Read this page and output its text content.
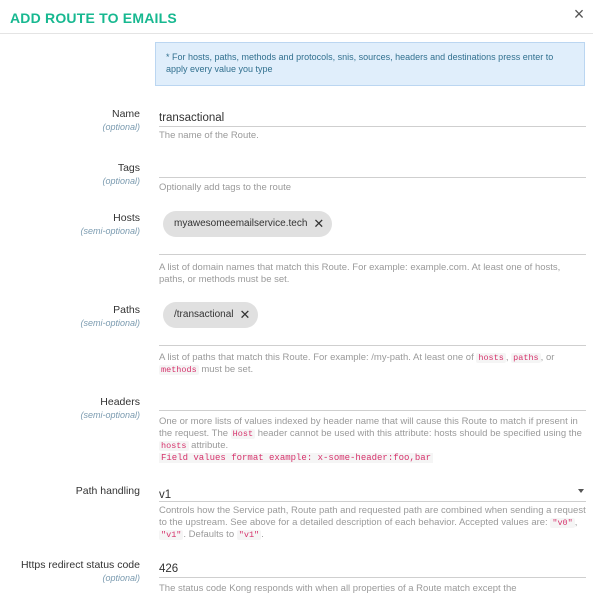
ADD ROUTE TO EMAILS	×
* For hosts, paths, methods and protocols, snis, sources, headers and destinations press enter to apply every value you type
Name
(optional)
transactional
The name of the Route.
Tags
(optional)
Optionally add tags to the route
Hosts
(semi-optional)
myawesomeemailservice.tech ✕
A list of domain names that match this Route. For example: example.com. At least one of hosts, paths, or methods must be set.
Paths
(semi-optional)
/transactional ✕
A list of paths that match this Route. For example: /my-path. At least one of hosts , paths , or methods must be set.
Headers
(semi-optional)
One or more lists of values indexed by header name that will cause this Route to match if present in the request. The Host header cannot be used with this attribute: hosts should be specified using the hosts attribute.
Field values format example: x-some-header:foo,bar
Path handling v1
Controls how the Service path, Route path and requested path are combined when sending a request to the upstream. See above for a detailed description of each behavior. Accepted values are: "v0" , "v1" . Defaults to "v1" .
Https redirect status code
(optional)
426
The status code Kong responds with when all properties of a Route match except the
